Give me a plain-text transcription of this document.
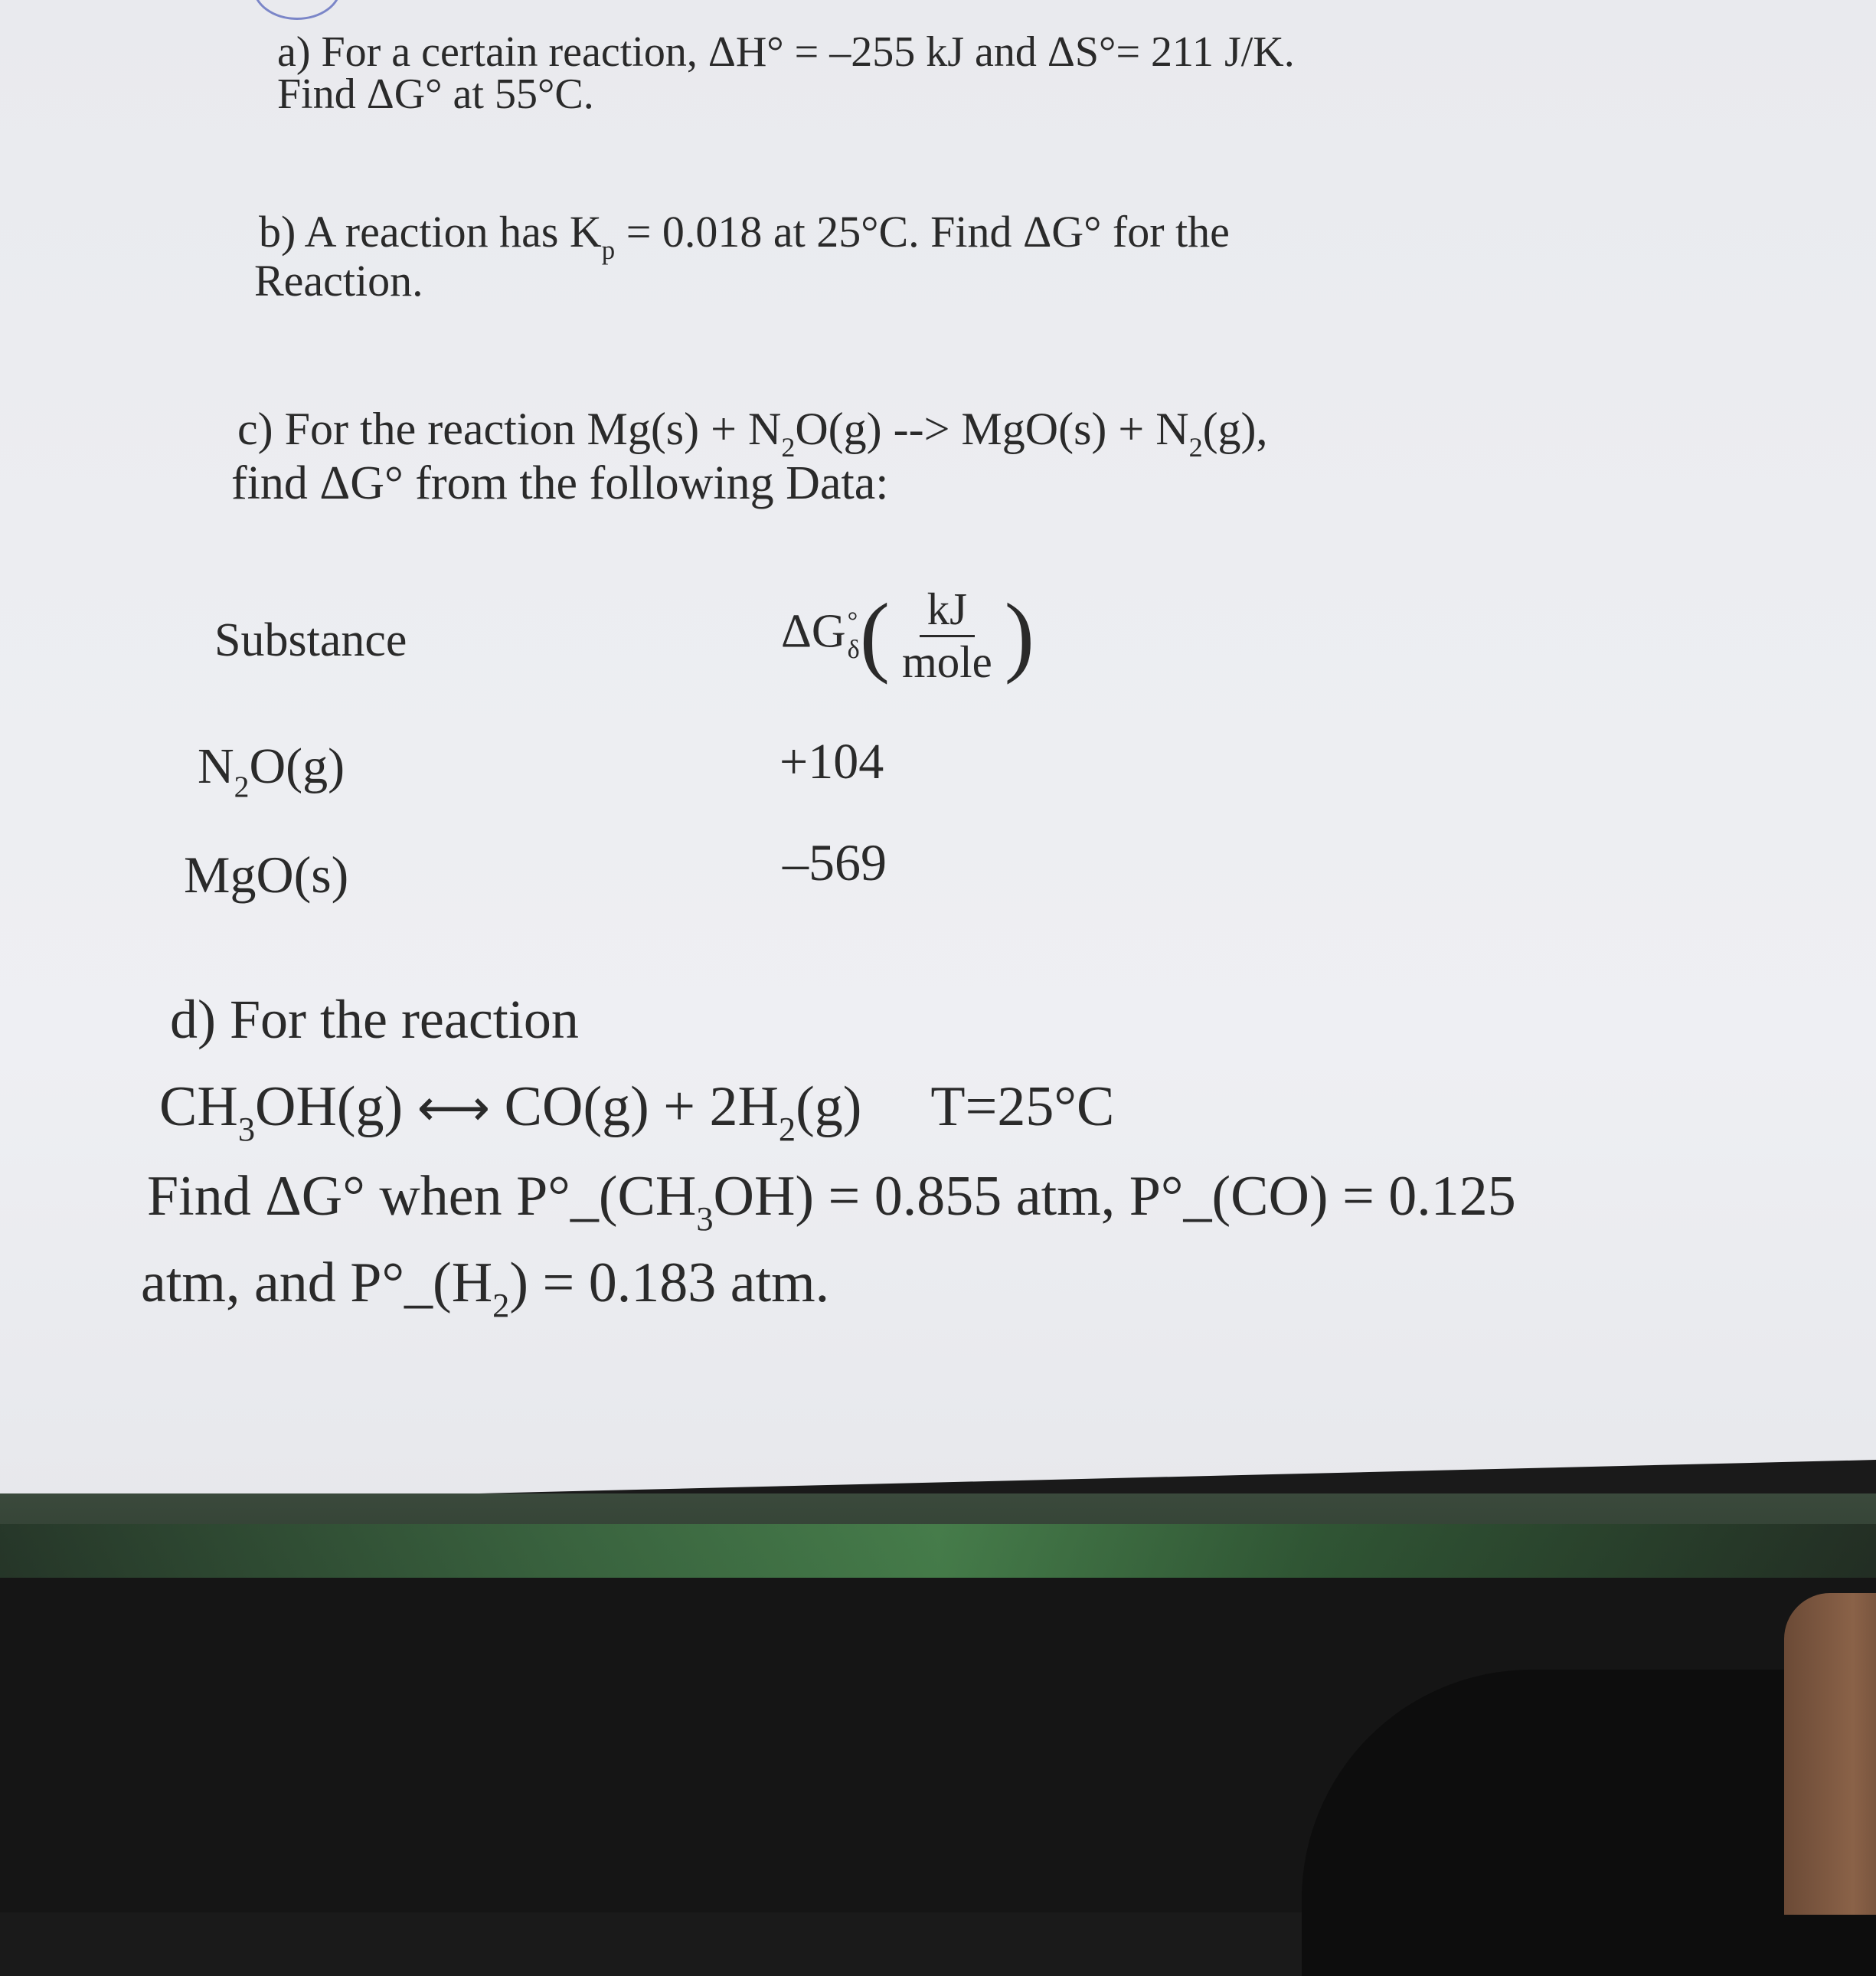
a) For a certain reaction, ΔH° = –255 kJ and ΔS°= 211 J/K.
Find ΔG° at 55°C.
b) A reaction has $K_p = 0.018$ at 25°C. Find ΔG° for the
Reaction.
c) For the reaction $Mg(s) + N_2O(g)$ --> $MgO(s) + N_2(g)$,
find ΔG° from the following Data:
Substance	ΔG °
δ ( $\frac{kJ}{\text{mole}}$ )
$N_2O(g)$	+104
MgO(s)	–569
d) For the reaction
$CH_3OH(g)$ ⟷ $CO(g) + 2H_2(g)$ T=25°C
Find ΔG° when $P^\circ\_(CH_3OH) = 0.855$ atm, P°_(CO) = 0.125
atm, and $P^\circ\_(H_2) = 0.183$ atm.
